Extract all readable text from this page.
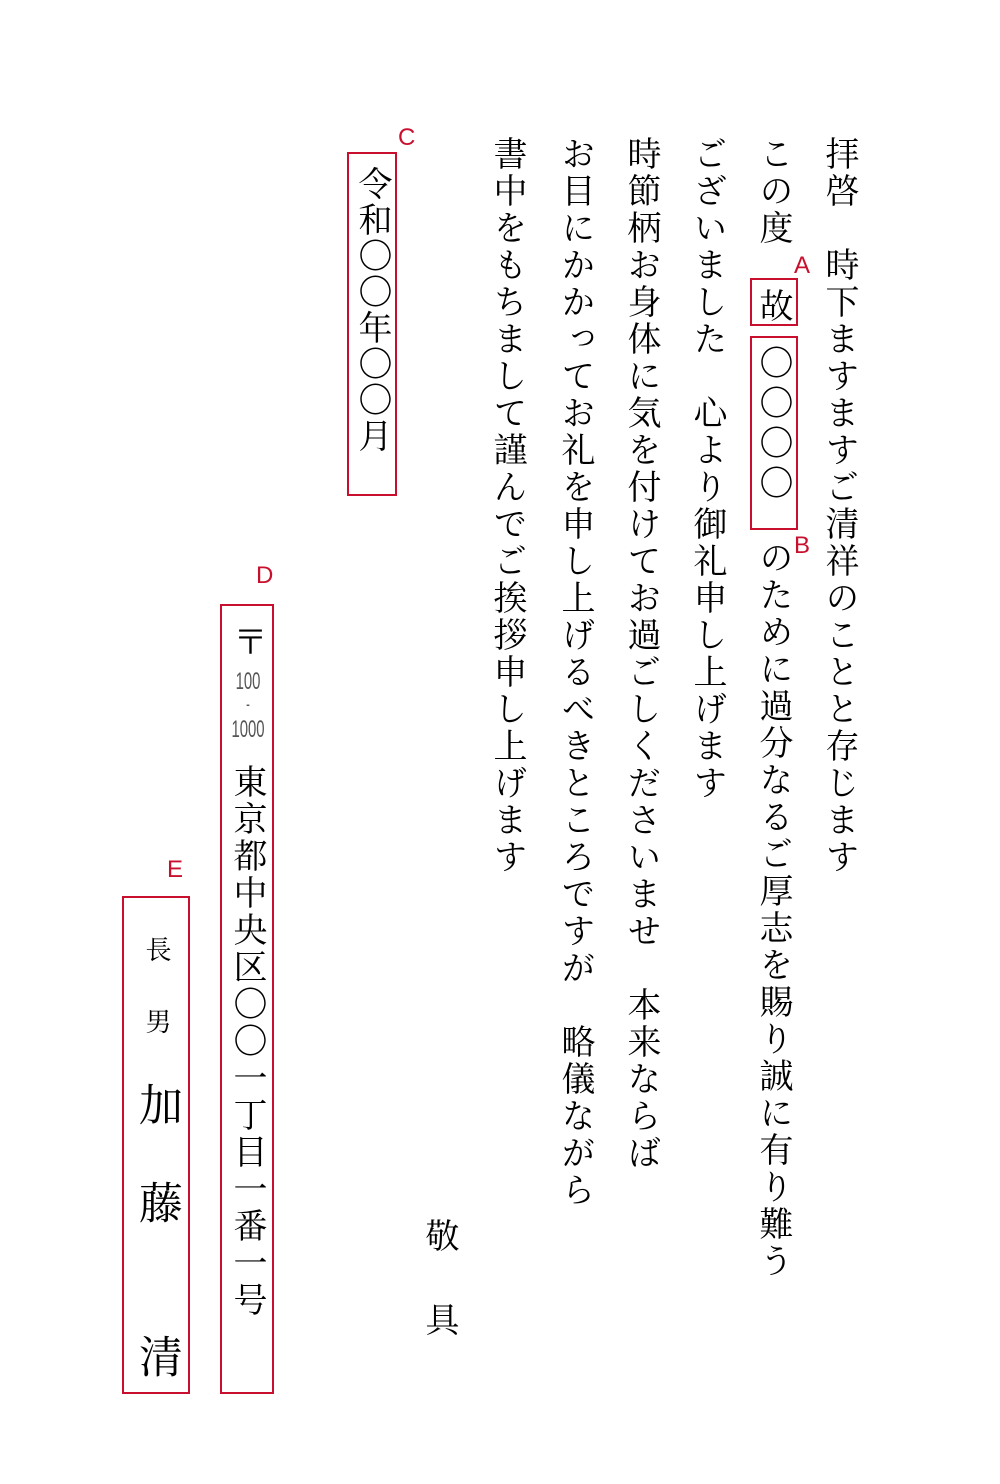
拝啓　時下ますますご清祥のことと存じます
この度
故
〇〇〇〇
のために過分なるご厚志を賜り誠に有り難う
ございました　心より御礼申し上げます
時節柄お身体に気を付けてお過ごしくださいませ　本来ならば
お目にかかってお礼を申し上げるべきところですが　略儀ながら
書中をもちまして謹んでご挨拶申し上げます
敬　具
A
B
C
令和〇〇年〇〇月
D
〒
100
-
1000
東京都中央区〇〇一丁目一番一号
E
長　男
加
藤
清
